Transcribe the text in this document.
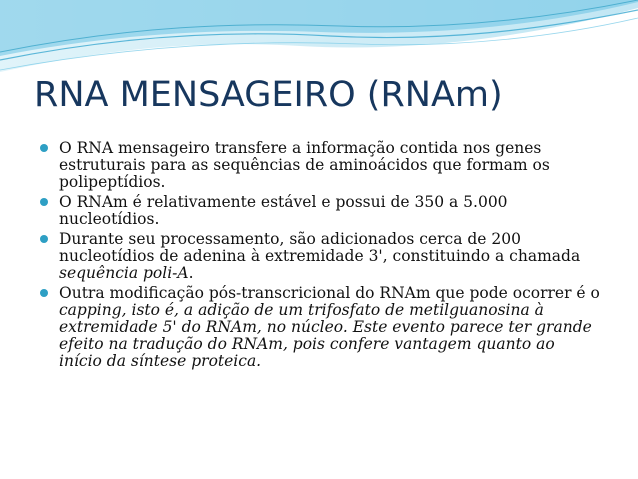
RNA MENSAGEIRO (RNAm)
O RNA mensageiro transfere a informação contida nos genes estruturais para as sequências de aminoácidos que formam os polipeptídios.
O RNAm é relativamente estável e possui de 350 a 5.000 nucleotídios.
Durante seu processamento, são adicionados cerca de 200 nucleotídios de adenina à extremidade 3', constituindo a chamada sequência poli-A.
Outra modificação pós-transcricional do RNAm que pode ocorrer é o capping, isto é, a adição de um trifosfato de metilguanosina à extremidade 5' do RNAm, no núcleo. Este evento parece ter grande efeito na tradução do RNAm, pois confere vantagem quanto ao início da síntese proteica.
